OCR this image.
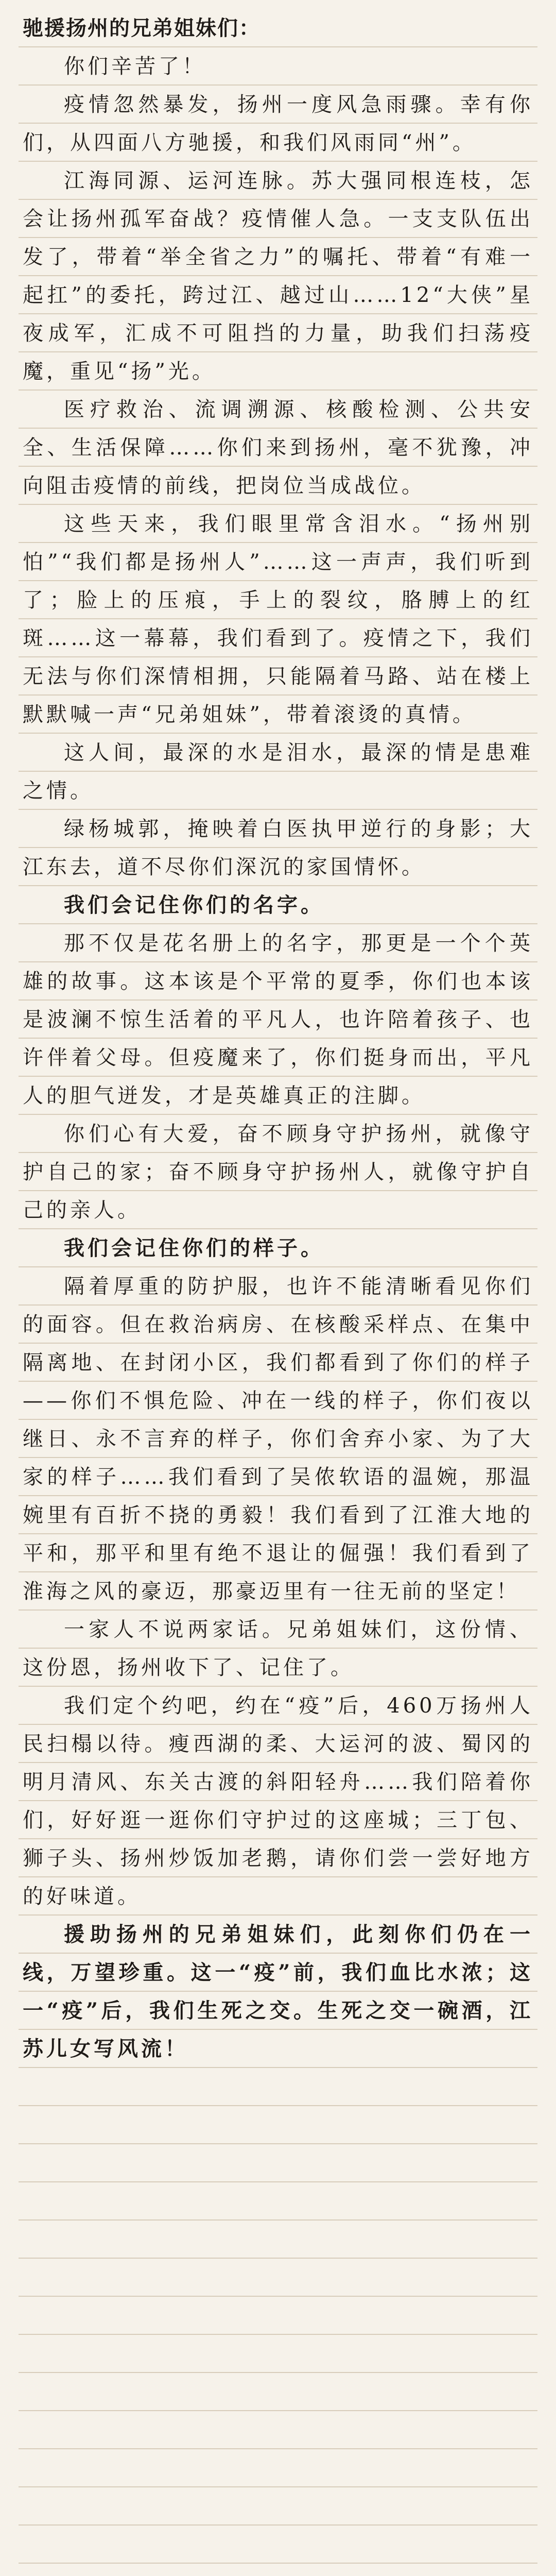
驰援扬州的兄弟姐妹们：

你们辛苦了！

疫情忽然暴发，扬州一度风急雨骤。幸有你们，从四面八方驰援，和我们风雨同“州”。

江海同源、运河连脉。苏大强同根连枝，怎会让扬州孤军奋战？疫情催人急。一支支队伍出发了，带着“举全省之力”的嘱托、带着“有难一起扛”的委托，跨过江、越过山……12“大侠”星夜成军，汇成不可阻挡的力量，助我们扫荡疫魔，重见“扬”光。

医疗救治、流调溯源、核酸检测、公共安全、生活保障……你们来到扬州，毫不犹豫，冲向阻击疫情的前线，把岗位当成战位。

这些天来，我们眼里常含泪水。“扬州别怕”“我们都是扬州人”……这一声声，我们听到了；脸上的压痕，手上的裂纹，胳膊上的红斑……这一幕幕，我们看到了。疫情之下，我们无法与你们深情相拥，只能隔着马路、站在楼上默默喊一声“兄弟姐妹”，带着滚烫的真情。

这人间，最深的水是泪水，最深的情是患难之情。

绿杨城郭，掩映着白医执甲逆行的身影；大江东去，道不尽你们深沉的家国情怀。

我们会记住你们的名字。

那不仅是花名册上的名字，那更是一个个英雄的故事。这本该是个平常的夏季，你们也本该是波澜不惊生活着的平凡人，也许陪着孩子、也许伴着父母。但疫魔来了，你们挺身而出，平凡人的胆气迸发，才是英雄真正的注脚。

你们心有大爱，奋不顾身守护扬州，就像守护自己的家；奋不顾身守护扬州人，就像守护自己的亲人。

我们会记住你们的样子。

隔着厚重的防护服，也许不能清晰看见你们的面容。但在救治病房、在核酸采样点、在集中隔离地、在封闭小区，我们都看到了你们的样子——你们不惧危险、冲在一线的样子，你们夜以继日、永不言弃的样子，你们舍弃小家、为了大家的样子……我们看到了吴侬软语的温婉，那温婉里有百折不挠的勇毅！我们看到了江淮大地的平和，那平和里有绝不退让的倔强！我们看到了淮海之风的豪迈，那豪迈里有一往无前的坚定！

一家人不说两家话。兄弟姐妹们，这份情、这份恩，扬州收下了、记住了。

我们定个约吧，约在“疫”后，460万扬州人民扫榻以待。瘦西湖的柔、大运河的波、蜀冈的明月清风、东关古渡的斜阳轻舟……我们陪着你们，好好逛一逛你们守护过的这座城；三丁包、狮子头、扬州炒饭加老鹅，请你们尝一尝好地方的好味道。

援助扬州的兄弟姐妹们，此刻你们仍在一线，万望珍重。这一“疫”前，我们血比水浓；这一“疫”后，我们生死之交。生死之交一碗酒，江苏儿女写风流！
